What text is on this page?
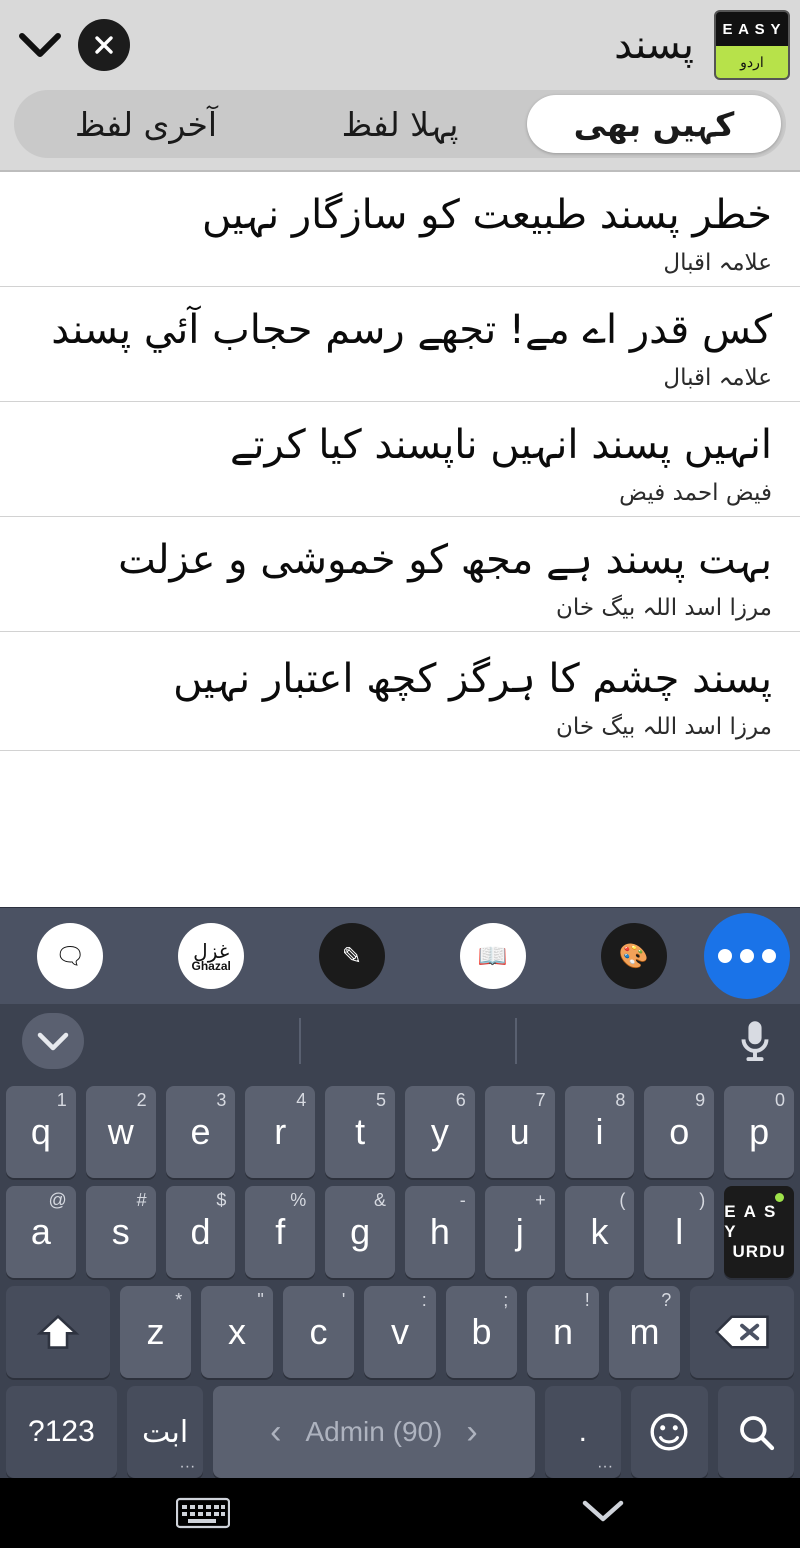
پسند
E A S Y
اردو
کہیں بھی
پہلا لفظ
آخری لفظ
خطر پسند طبیعت کو سازگار نہیں
علامہ اقبال
کس قدر اے مے! تجھے رسم حجاب آئي پسند
علامہ اقبال
انہیں پسند انہیں ناپسند کیا کرتے
فیض احمد فیض
بہت پسند ہے مجھ کو خموشی و عزلت
مرزا اسد اللہ بیگ خان
پسند چشم کا ہرگز کچھ اعتبار نہیں
مرزا اسد اللہ بیگ خان
🗨	غزل
Ghazal	✎	📖	🎨
1
q
2
w
3
e
4
r
5
t
6
y
7
u
8
i
9
o
0
p
@
a
#
s
$
d
%
f
&
g
-
h
+
j
(
k
)
l E A S Y
URDU
*
z
"
x
'
c
:
v
;
b
!
n
?
m
?123 ابت
···
‹ Admin (90) ›	.
···
